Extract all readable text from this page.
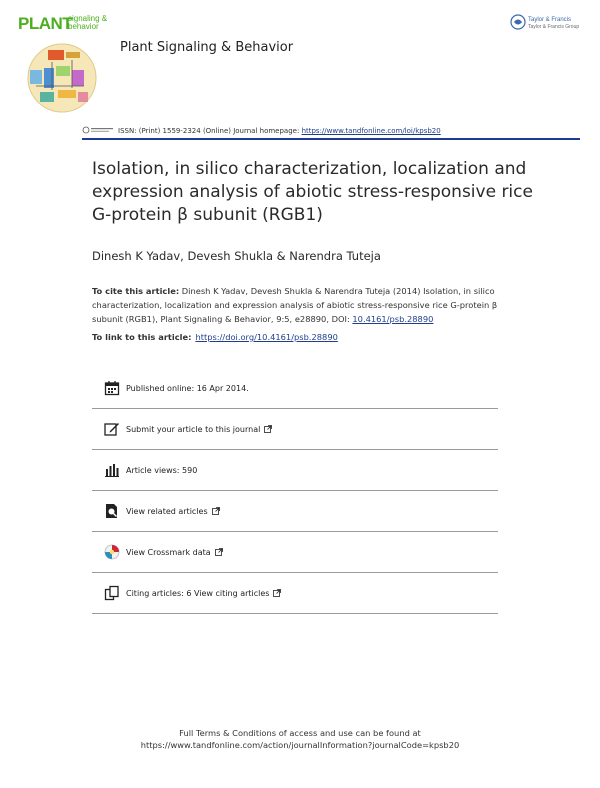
PLANT
signaling & behavior
Plant Signaling & Behavior
Taylor & Francis
Taylor & Francis Group
ISSN: (Print) 1559-2324 (Online) Journal homepage: https://www.tandfonline.com/loi/kpsb20
Isolation, in silico characterization, localization and expression analysis of abiotic stress-responsive rice G-protein β subunit (RGB1)
Dinesh K Yadav, Devesh Shukla & Narendra Tuteja
To cite this article: Dinesh K Yadav, Devesh Shukla & Narendra Tuteja (2014) Isolation, in silico characterization, localization and expression analysis of abiotic stress-responsive rice G-protein β subunit (RGB1), Plant Signaling & Behavior, 9:5, e28890, DOI: 10.4161/psb.28890
To link to this article: https://doi.org/10.4161/psb.28890
Published online: 16 Apr 2014.
Submit your article to this journal
Article views: 590
View related articles
View Crossmark data
Citing articles: 6 View citing articles
Full Terms & Conditions of access and use can be found at
https://www.tandfonline.com/action/journalInformation?journalCode=kpsb20
